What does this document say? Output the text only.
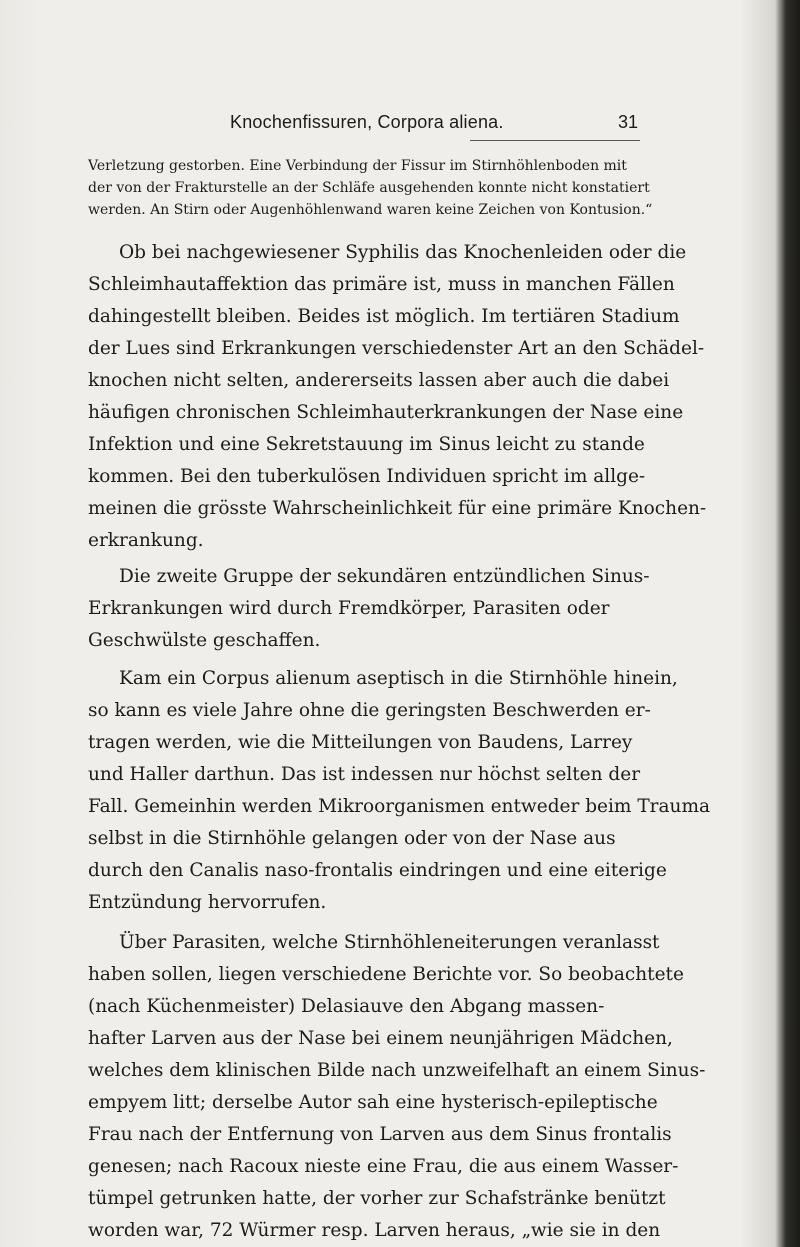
Knochenfissuren, Corpora aliena.	31
Verletzung gestorben. Eine Verbindung der Fissur im Stirnhöhlenboden mit
der von der Frakturstelle an der Schläfe ausgehenden konnte nicht konstatiert
werden. An Stirn oder Augenhöhlenwand waren keine Zeichen von Kontusion.“
Ob bei nachgewiesener Syphilis das Knochenleiden oder die
Schleimhautaffektion das primäre ist, muss in manchen Fällen
dahingestellt bleiben. Beides ist möglich. Im tertiären Stadium
der Lues sind Erkrankungen verschiedenster Art an den Schädel-
knochen nicht selten, andererseits lassen aber auch die dabei
häufigen chronischen Schleimhauterkrankungen der Nase eine
Infektion und eine Sekretstauung im Sinus leicht zu stande
kommen. Bei den tuberkulösen Individuen spricht im allge-
meinen die grösste Wahrscheinlichkeit für eine primäre Knochen-
erkrankung.
Die zweite Gruppe der sekundären entzündlichen Sinus-
Erkrankungen wird durch Fremdkörper, Parasiten oder
Geschwülste geschaffen.
Kam ein Corpus alienum aseptisch in die Stirnhöhle hinein,
so kann es viele Jahre ohne die geringsten Beschwerden er-
tragen werden, wie die Mitteilungen von Baudens, Larrey
und Haller darthun. Das ist indessen nur höchst selten der
Fall. Gemeinhin werden Mikroorganismen entweder beim Trauma
selbst in die Stirnhöhle gelangen oder von der Nase aus
durch den Canalis naso-frontalis eindringen und eine eiterige
Entzündung hervorrufen.
Über Parasiten, welche Stirnhöhleneiterungen veranlasst
haben sollen, liegen verschiedene Berichte vor. So beobachtete
(nach Küchenmeister) Delasiauve den Abgang massen-
hafter Larven aus der Nase bei einem neunjährigen Mädchen,
welches dem klinischen Bilde nach unzweifelhaft an einem Sinus-
empyem litt; derselbe Autor sah eine hysterisch-epileptische
Frau nach der Entfernung von Larven aus dem Sinus frontalis
genesen; nach Racoux nieste eine Frau, die aus einem Wasser-
tümpel getrunken hatte, der vorher zur Schafstränke benützt
worden war, 72 Würmer resp. Larven heraus, „wie sie in den
